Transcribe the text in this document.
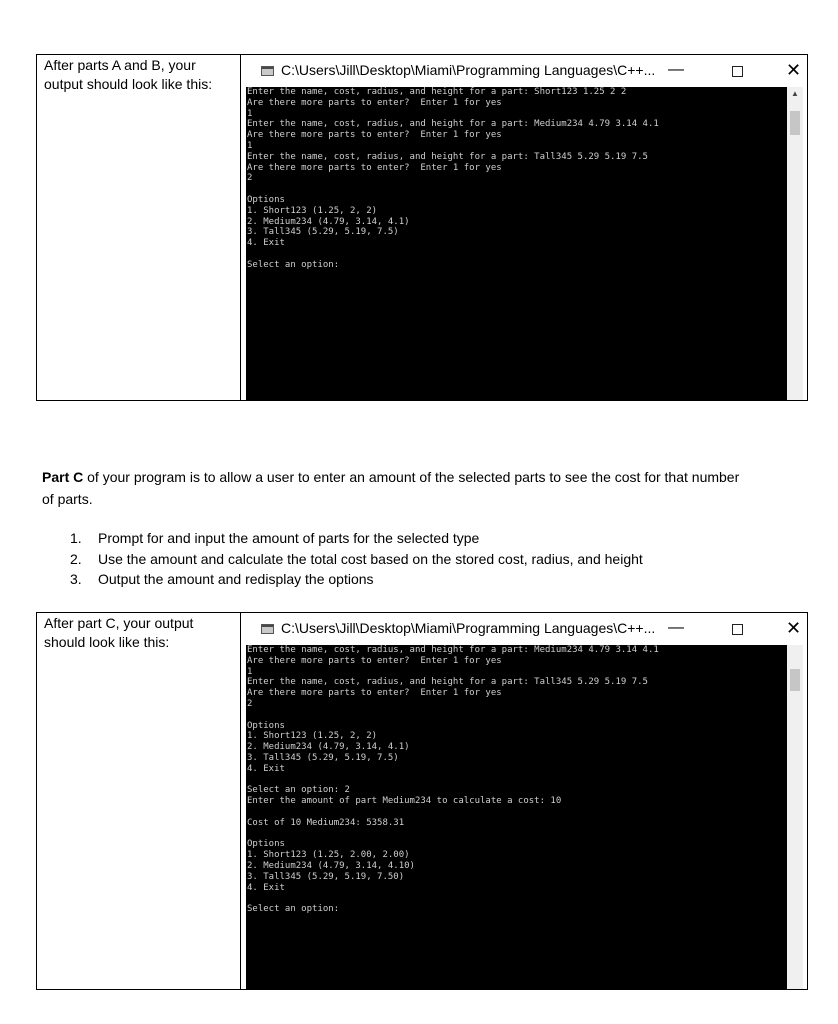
After parts A and B, your output should look like this:
C:\Users\Jill\Desktop\Miami\Programming Languages\C++... —	✕
Enter the name, cost, radius, and height for a part: Short123 1.25 2 2
Are there more parts to enter?  Enter 1 for yes
1
Enter the name, cost, radius, and height for a part: Medium234 4.79 3.14 4.1
Are there more parts to enter?  Enter 1 for yes
1
Enter the name, cost, radius, and height for a part: Tall345 5.29 5.19 7.5
Are there more parts to enter?  Enter 1 for yes
2
Options
1. Short123 (1.25, 2, 2)
2. Medium234 (4.79, 3.14, 4.1)
3. Tall345 (5.29, 5.19, 7.5)
4. Exit
Select an option:
▲
Part C of your program is to allow a user to enter an amount of the selected parts to see the cost for that number of parts.
1. Prompt for and input the amount of parts for the selected type
2. Use the amount and calculate the total cost based on the stored cost, radius, and height
3. Output the amount and redisplay the options
After part C, your output should look like this:
C:\Users\Jill\Desktop\Miami\Programming Languages\C++... —	✕
Enter the name, cost, radius, and height for a part: Medium234 4.79 3.14 4.1
Are there more parts to enter?  Enter 1 for yes
1
Enter the name, cost, radius, and height for a part: Tall345 5.29 5.19 7.5
Are there more parts to enter?  Enter 1 for yes
2
Options
1. Short123 (1.25, 2, 2)
2. Medium234 (4.79, 3.14, 4.1)
3. Tall345 (5.29, 5.19, 7.5)
4. Exit
Select an option: 2
Enter the amount of part Medium234 to calculate a cost: 10
Cost of 10 Medium234: 5358.31
Options
1. Short123 (1.25, 2.00, 2.00)
2. Medium234 (4.79, 3.14, 4.10)
3. Tall345 (5.29, 5.19, 7.50)
4. Exit
Select an option:
